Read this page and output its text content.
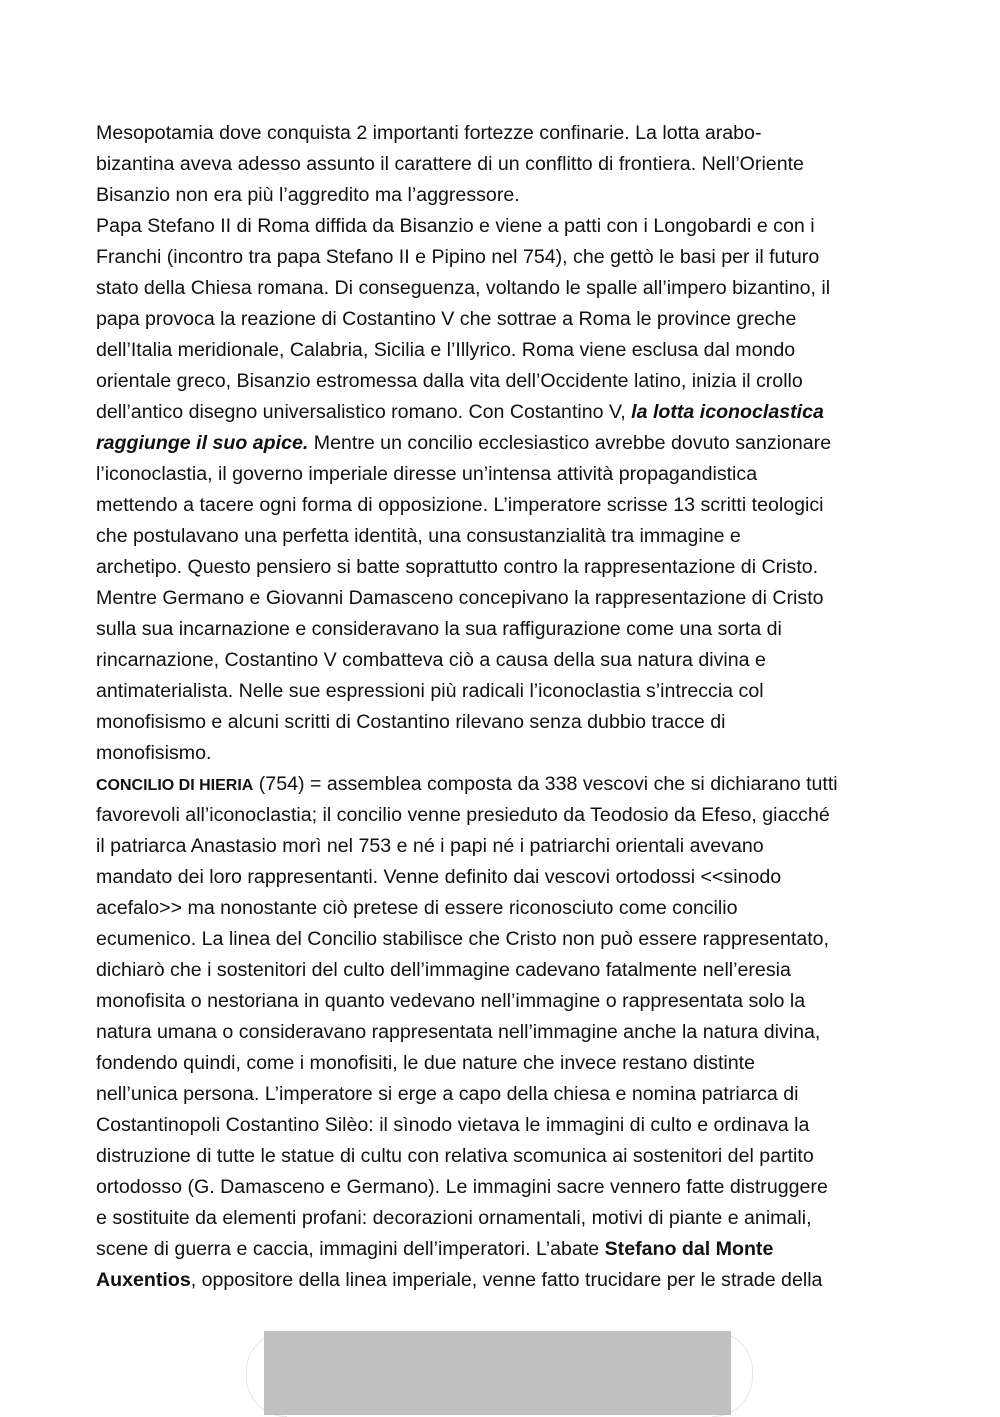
Mesopotamia dove conquista 2 importanti fortezze confinarie. La lotta arabo-
bizantina aveva adesso assunto il carattere di un conflitto di frontiera. Nell’Oriente
Bisanzio non era più l’aggredito ma l’aggressore.
Papa Stefano II di Roma diffida da Bisanzio e viene a patti con i Longobardi e con i
Franchi (incontro tra papa Stefano II e Pipino nel 754), che gettò le basi per il futuro
stato della Chiesa romana. Di conseguenza, voltando le spalle all’impero bizantino, il
papa provoca la reazione di Costantino V che sottrae a Roma le province greche
dell’Italia meridionale, Calabria, Sicilia e l’Illyrico. Roma viene esclusa dal mondo
orientale greco, Bisanzio estromessa dalla vita dell’Occidente latino, inizia il crollo
dell’antico disegno universalistico romano. Con Costantino V, la lotta iconoclastica
raggiunge il suo apice. Mentre un concilio ecclesiastico avrebbe dovuto sanzionare
l’iconoclastia, il governo imperiale diresse un’intensa attività propagandistica
mettendo a tacere ogni forma di opposizione. L’imperatore scrisse 13 scritti teologici
che postulavano una perfetta identità, una consustanzialità tra immagine e
archetipo. Questo pensiero si batte soprattutto contro la rappresentazione di Cristo.
Mentre Germano e Giovanni Damasceno concepivano la rappresentazione di Cristo
sulla sua incarnazione e consideravano la sua raffigurazione come una sorta di
rincarnazione, Costantino V combatteva ciò a causa della sua natura divina e
antimaterialista. Nelle sue espressioni più radicali l’iconoclastia s’intreccia col
monofisismo e alcuni scritti di Costantino rilevano senza dubbio tracce di
monofisismo.
CONCILIO DI HIERIA (754) = assemblea composta da 338 vescovi che si dichiarano tutti
favorevoli all’iconoclastia; il concilio venne presieduto da Teodosio da Efeso, giacché
il patriarca Anastasio morì nel 753 e né i papi né i patriarchi orientali avevano
mandato dei loro rappresentanti. Venne definito dai vescovi ortodossi <<sinodo
acefalo>> ma nonostante ciò pretese di essere riconosciuto come concilio
ecumenico. La linea del Concilio stabilisce che Cristo non può essere rappresentato,
dichiarò che i sostenitori del culto dell’immagine cadevano fatalmente nell’eresia
monofisita o nestoriana in quanto vedevano nell’immagine o rappresentata solo la
natura umana o consideravano rappresentata nell’immagine anche la natura divina,
fondendo quindi, come i monofisiti, le due nature che invece restano distinte
nell’unica persona. L’imperatore si erge a capo della chiesa e nomina patriarca di
Costantinopoli Costantino Silèo: il sìnodo vietava le immagini di culto e ordinava la
distruzione di tutte le statue di cultu con relativa scomunica ai sostenitori del partito
ortodosso (G. Damasceno e Germano). Le immagini sacre vennero fatte distruggere
e sostituite da elementi profani: decorazioni ornamentali, motivi di piante e animali,
scene di guerra e caccia, immagini dell’imperatori. L’abate Stefano dal Monte
Auxentios, oppositore della linea imperiale, venne fatto trucidare per le strade della
